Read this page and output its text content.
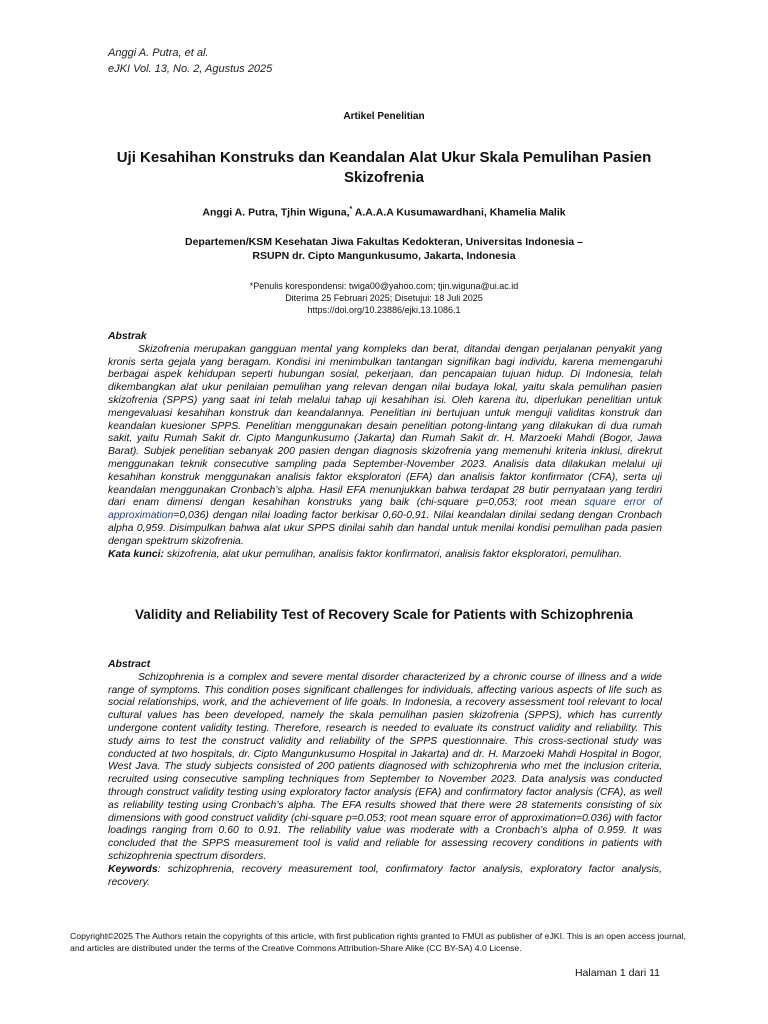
Anggi A. Putra, et al.
eJKI Vol. 13, No. 2, Agustus 2025
Artikel Penelitian
Uji Kesahihan Konstruks dan Keandalan Alat Ukur Skala Pemulihan Pasien Skizofrenia
Anggi A. Putra, Tjhin Wiguna,* A.A.A.A Kusumawardhani, Khamelia Malik
Departemen/KSM Kesehatan Jiwa Fakultas Kedokteran, Universitas Indonesia –
RSUPN dr. Cipto Mangunkusumo, Jakarta, Indonesia
*Penulis korespondensi: twiga00@yahoo.com; tjin.wiguna@ui.ac.id
Diterima 25 Februari 2025; Disetujui: 18 Juli 2025
https://doi.org/10.23886/ejki.13.1086.1
Abstrak
Skizofrenia merupakan gangguan mental yang kompleks dan berat, ditandai dengan perjalanan penyakit yang kronis serta gejala yang beragam. Kondisi ini menimbulkan tantangan signifikan bagi individu, karena memengaruhi berbagai aspek kehidupan seperti hubungan sosial, pekerjaan, dan pencapaian tujuan hidup. Di Indonesia, telah dikembangkan alat ukur penilaian pemulihan yang relevan dengan nilai budaya lokal, yaitu skala pemulihan pasien skizofrenia (SPPS) yang saat ini telah melalui tahap uji kesahihan isi. Oleh karena itu, diperlukan penelitian untuk mengevaluasi kesahihan konstruk dan keandalannya. Penelitian ini bertujuan untuk menguji validitas konstruk dan keandalan kuesioner SPPS. Penelitian menggunakan desain penelitian potong-lintang yang dilakukan di dua rumah sakit, yaitu Rumah Sakit dr. Cipto Mangunkusumo (Jakarta) dan Rumah Sakit dr. H. Marzoeki Mahdi (Bogor, Jawa Barat). Subjek penelitian sebanyak 200 pasien dengan diagnosis skizofrenia yang memenuhi kriteria inklusi, direkrut menggunakan teknik consecutive sampling pada September-November 2023. Analisis data dilakukan melalui uji kesahihan konstruk menggunakan analisis faktor eksploratori (EFA) dan analisis faktor konfirmator (CFA), serta uji keandalan menggunakan Cronbach’s alpha. Hasil EFA menunjukkan bahwa terdapat 28 butir pernyataan yang terdiri dari enam dimensi dengan kesahihan konstruks yang baik (chi-square p=0,053; root mean square error of approximation=0,036) dengan nilai loading factor berkisar 0,60-0,91. Nilai keandalan dinilai sedang dengan Cronbach alpha 0,959. Disimpulkan bahwa alat ukur SPPS dinilai sahih dan handal untuk menilai kondisi pemulihan pada pasien dengan spektrum skizofrenia.
Kata kunci: skizofrenia, alat ukur pemulihan, analisis faktor konfirmatori, analisis faktor eksploratori, pemulihan.
Validity and Reliability Test of Recovery Scale for Patients with Schizophrenia
Abstract
Schizophrenia is a complex and severe mental disorder characterized by a chronic course of illness and a wide range of symptoms. This condition poses significant challenges for individuals, affecting various aspects of life such as social relationships, work, and the achievement of life goals. In Indonesia, a recovery assessment tool relevant to local cultural values has been developed, namely the skala pemulihan pasien skizofrenia (SPPS), which has currently undergone content validity testing. Therefore, research is needed to evaluate its construct validity and reliability. This study aims to test the construct validity and reliability of the SPPS questionnaire. This cross-sectional study was conducted at two hospitals, dr. Cipto Mangunkusumo Hospital in Jakarta) and dr. H. Marzoeki Mahdi Hospital in Bogor, West Java. The study subjects consisted of 200 patients diagnosed with schizophrenia who met the inclusion criteria, recruited using consecutive sampling techniques from September to November 2023. Data analysis was conducted through construct validity testing using exploratory factor analysis (EFA) and confirmatory factor analysis (CFA), as well as reliability testing using Cronbach’s alpha. The EFA results showed that there were 28 statements consisting of six dimensions with good construct validity (chi-square p=0.053; root mean square error of approximation=0.036) with factor loadings ranging from 0.60 to 0.91. The reliability value was moderate with a Cronbach’s alpha of 0.959. It was concluded that the SPPS measurement tool is valid and reliable for assessing recovery conditions in patients with schizophrenia spectrum disorders.
Keywords: schizophrenia, recovery measurement tool, confirmatory factor analysis, exploratory factor analysis, recovery.
Copyright©2025 The Authors retain the copyrights of this article, with first publication rights granted to FMUI as publisher of eJKI. This is an open access journal, and articles are distributed under the terms of the Creative Commons Attribution-Share Alike (CC BY-SA) 4.0 License.
Halaman 1 dari 11
